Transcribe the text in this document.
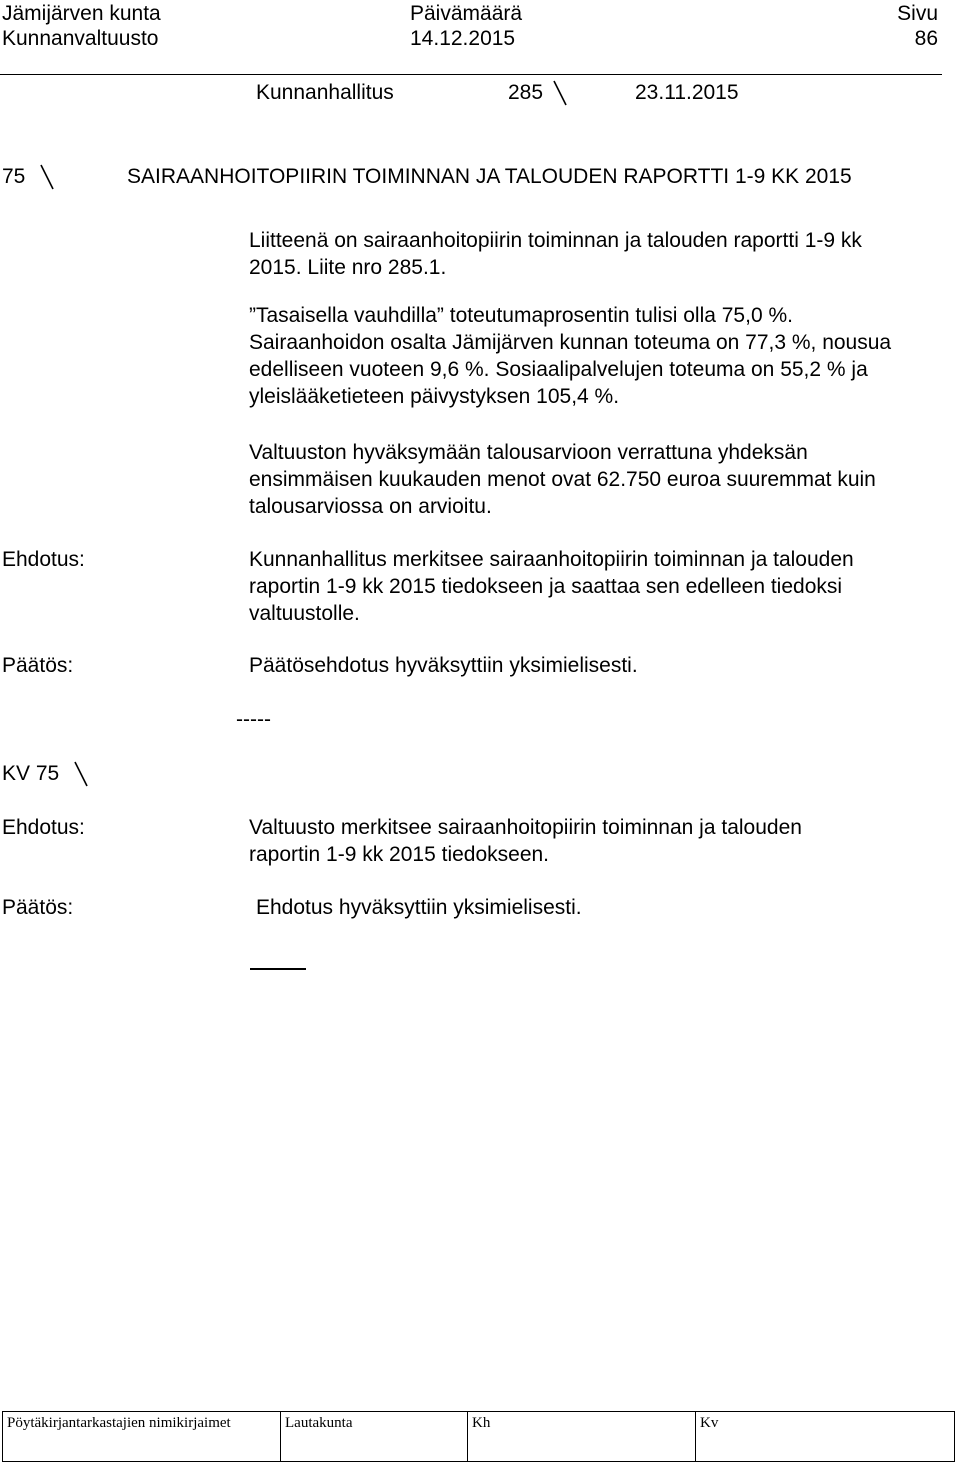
Jämijärven kunta
Kunnanvaltuusto
Päivämäärä
14.12.2015
Sivu
86
Kunnanhallitus	285	23.11.2015
75	SAIRAANHOITOPIIRIN TOIMINNAN JA TALOUDEN RAPORTTI 1-9 KK 2015
Liitteenä on sairaanhoitopiirin toiminnan ja talouden raportti 1-9 kk
2015. Liite nro 285.1.
”Tasaisella vauhdilla” toteutumaprosentin tulisi olla 75,0 %.
Sairaanhoidon osalta Jämijärven kunnan toteuma on 77,3 %, nousua
edelliseen vuoteen 9,6 %. Sosiaalipalvelujen toteuma on 55,2 % ja
yleislääketieteen päivystyksen 105,4 %.
Valtuuston hyväksymään talousarvioon verrattuna yhdeksän
ensimmäisen kuukauden menot ovat 62.750 euroa suuremmat kuin
talousarviossa on arvioitu.
Ehdotus:	Kunnanhallitus merkitsee sairaanhoitopiirin toiminnan ja talouden
raportin 1-9 kk 2015 tiedokseen ja saattaa sen edelleen tiedoksi
valtuustolle.
Päätös:	Päätösehdotus hyväksyttiin yksimielisesti.
-----
KV 75
Ehdotus:	Valtuusto merkitsee sairaanhoitopiirin toiminnan ja talouden
raportin 1-9 kk 2015 tiedokseen.
Päätös:	Ehdotus hyväksyttiin yksimielisesti.
Pöytäkirjantarkastajien nimikirjaimet	Lautakunta	Kh	Kv
